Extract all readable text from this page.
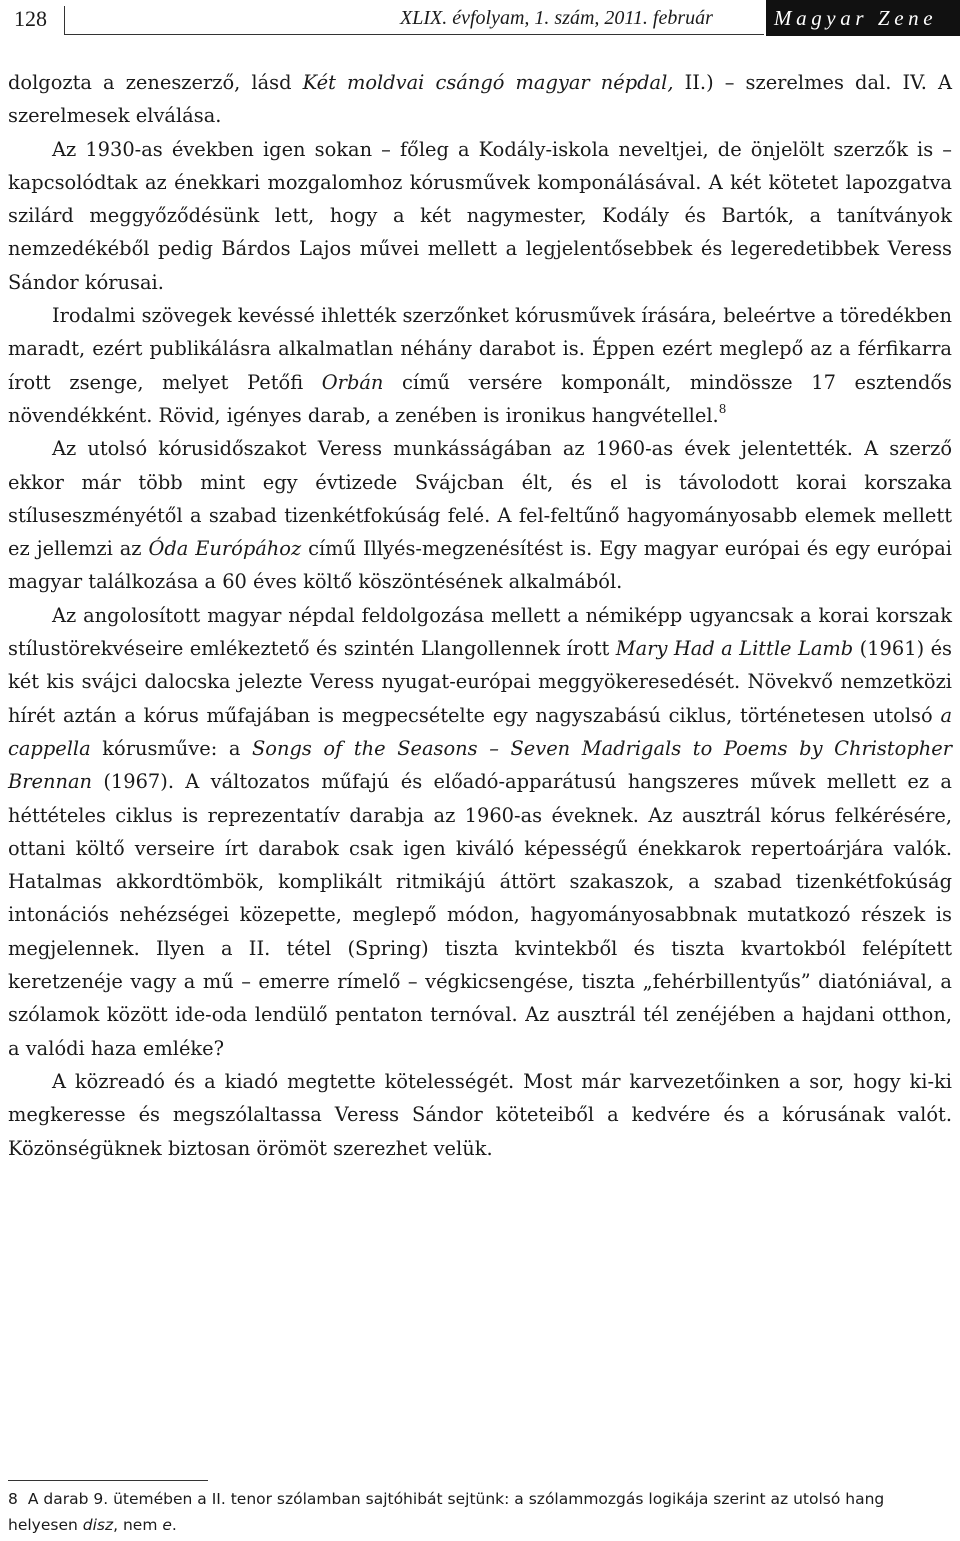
128	XLIX. évfolyam, 1. szám, 2011. február	Magyar Zene

dolgozta a zeneszerző, lásd Két moldvai csángó magyar népdal, II.) – szerelmes dal. IV. A szerelmesek elválása.

Az 1930-as években igen sokan – főleg a Kodály-iskola neveltjei, de önjelölt szerzők is – kapcsolódtak az énekkari mozgalomhoz kórusművek komponálásával. A két kötetet lapozgatva szilárd meggyőződésünk lett, hogy a két nagymester, Kodály és Bartók, a tanítványok nemzedékéből pedig Bárdos Lajos művei mellett a legjelentősebbek és legeredetibbek Veress Sándor kórusai.

Irodalmi szövegek kevéssé ihlették szerzőnket kórusművek írására, beleértve a töredékben maradt, ezért publikálásra alkalmatlan néhány darabot is. Éppen ezért meglepő az a férfikarra írott zsenge, melyet Petőfi Orbán című versére komponált, mindössze 17 esztendős növendékként. Rövid, igényes darab, a zenében is ironikus hangvétellel.$^8$

Az utolsó kórusidőszakot Veress munkásságában az 1960-as évek jelentették. A szerző ekkor már több mint egy évtizede Svájcban élt, és el is távolodott korai korszaka stíluseszményétől a szabad tizenkétfokúság felé. A fel-feltűnő hagyományosabb elemek mellett ez jellemzi az Óda Európához című Illyés-megzenésítést is. Egy magyar európai és egy európai magyar találkozása a 60 éves költő köszöntésének alkalmából.

Az angolosított magyar népdal feldolgozása mellett a némiképp ugyancsak a korai korszak stílustörekvéseire emlékeztető és szintén Llangollennek írott Mary Had a Little Lamb (1961) és két kis svájci dalocska jelezte Veress nyugat-európai meggyökeresedését. Növekvő nemzetközi hírét aztán a kórus műfajában is megpecsételte egy nagyszabású ciklus, történetesen utolsó a cappella kórusműve: a Songs of the Seasons – Seven Madrigals to Poems by Christopher Brennan (1967). A változatos műfajú és előadó-apparátusú hangszeres művek mellett ez a héttételes ciklus is reprezentatív darabja az 1960-as éveknek. Az ausztrál kórus felkérésére, ottani költő verseire írt darabok csak igen kiváló képességű énekkarok repertoárjára valók. Hatalmas akkordtömbök, komplikált ritmikájú áttört szakaszok, a szabad tizenkétfokúság intonációs nehézségei közepette, meglepő módon, hagyományosabbnak mutatkozó részek is megjelennek. Ilyen a II. tétel (Spring) tiszta kvintekből és tiszta kvartokból felépített keretzenéje vagy a mű – emerre rímelő – végkicsengése, tiszta „fehérbillentyűs” diatóniával, a szólamok között ide-oda lendülő pentaton ternóval. Az ausztrál tél zenéjében a hajdani otthon, a valódi haza emléke?

A közreadó és a kiadó megtette kötelességét. Most már karvezetőinken a sor, hogy ki-ki megkeresse és megszólaltassa Veress Sándor köteteiből a kedvére és a kórusának valót. Közönségüknek biztosan örömöt szerezhet velük.

8 A darab 9. ütemében a II. tenor szólamban sajtóhibát sejtünk: a szólammozgás logikája szerint az utolsó hang helyesen disz, nem e.
